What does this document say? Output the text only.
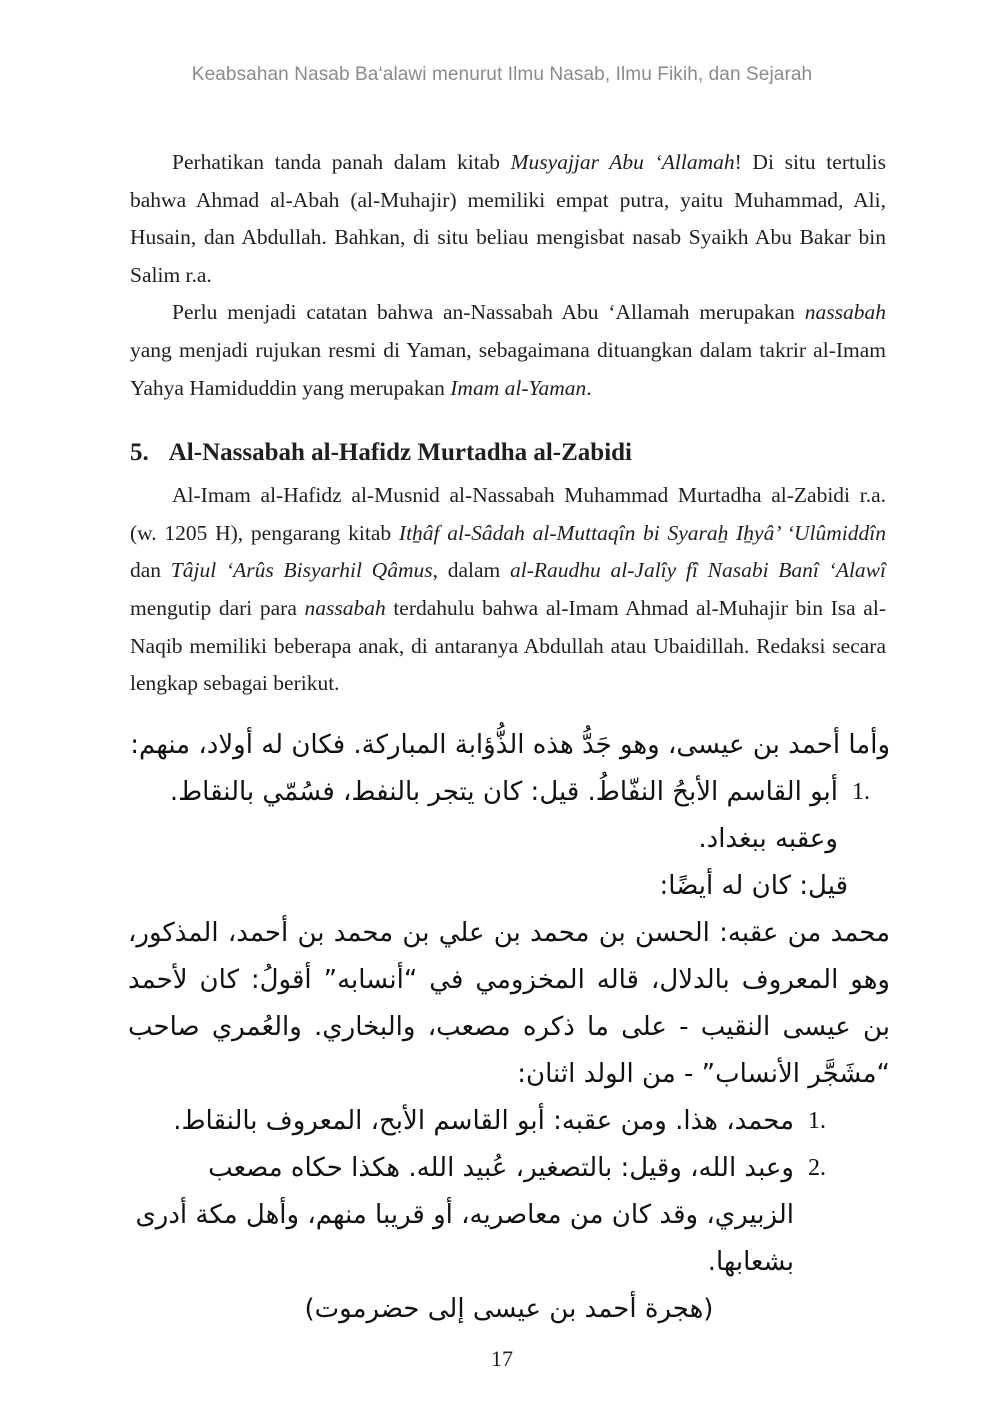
Keabsahan Nasab Ba‘alawi menurut Ilmu Nasab, Ilmu Fikih, dan Sejarah

Perhatikan tanda panah dalam kitab Musyajjar Abu ‘Allamah! Di situ tertulis bahwa Ahmad al-Abah (al-Muhajir) memiliki empat putra, yaitu Muhammad, Ali, Husain, dan Abdullah. Bahkan, di situ beliau mengisbat nasab Syaikh Abu Bakar bin Salim r.a.

Perlu menjadi catatan bahwa an-Nassabah Abu ‘Allamah merupakan nassabah yang menjadi rujukan resmi di Yaman, sebagaimana dituangkan dalam takrir al-Imam Yahya Hamiduddin yang merupakan Imam al-Yaman.

5. Al-Nassabah al-Hafidz Murtadha al-Zabidi

Al-Imam al-Hafidz al-Musnid al-Nassabah Muhammad Murtadha al-Zabidi r.a. (w. 1205 H), pengarang kitab Itẖâf al-Sâdah al-Muttaqîn bi Syaraẖ Iẖyâ’ ‘Ulûmiddîn dan Tâjul ‘Arûs Bisyarhil Qâmus, dalam al-Raudhu al-Jalîy fî Nasabi Banî ‘Alawî mengutip dari para nassabah terdahulu bahwa al-Imam Ahmad al-Muhajir bin Isa al-Naqib memiliki beberapa anak, di antaranya Abdullah atau Ubaidillah. Redaksi secara lengkap sebagai berikut.

وأما أحمد بن عيسى، وهو جَدُّ هذه الذُّؤابة المباركة. فكان له أولاد، منهم:

1.
أبو القاسم الأبحُ النفّاطُ. قيل: كان يتجر بالنفط، فسُمّي بالنقاط. وعقبه ببغداد.

قيل: كان له أيضًا:

محمد من عقبه: الحسن بن محمد بن علي بن محمد بن أحمد، المذكور، وهو المعروف بالدلال، قاله المخزومي في “أنسابه” أقولُ: كان لأحمد بن عيسى النقيب - على ما ذكره مصعب، والبخاري. والعُمري صاحب “مشَجَّر الأنساب” - من الولد اثنان:

1.
محمد، هذا. ومن عقبه: أبو القاسم الأبح، المعروف بالنقاط.
2.
وعبد الله، وقيل: بالتصغير، عُبيد الله. هكذا حكاه مصعب الزبيري، وقد كان من معاصريه، أو قريبا منهم، وأهل مكة أدرى بشعابها.

(هجرة أحمد بن عيسى إلى حضرموت)

17
